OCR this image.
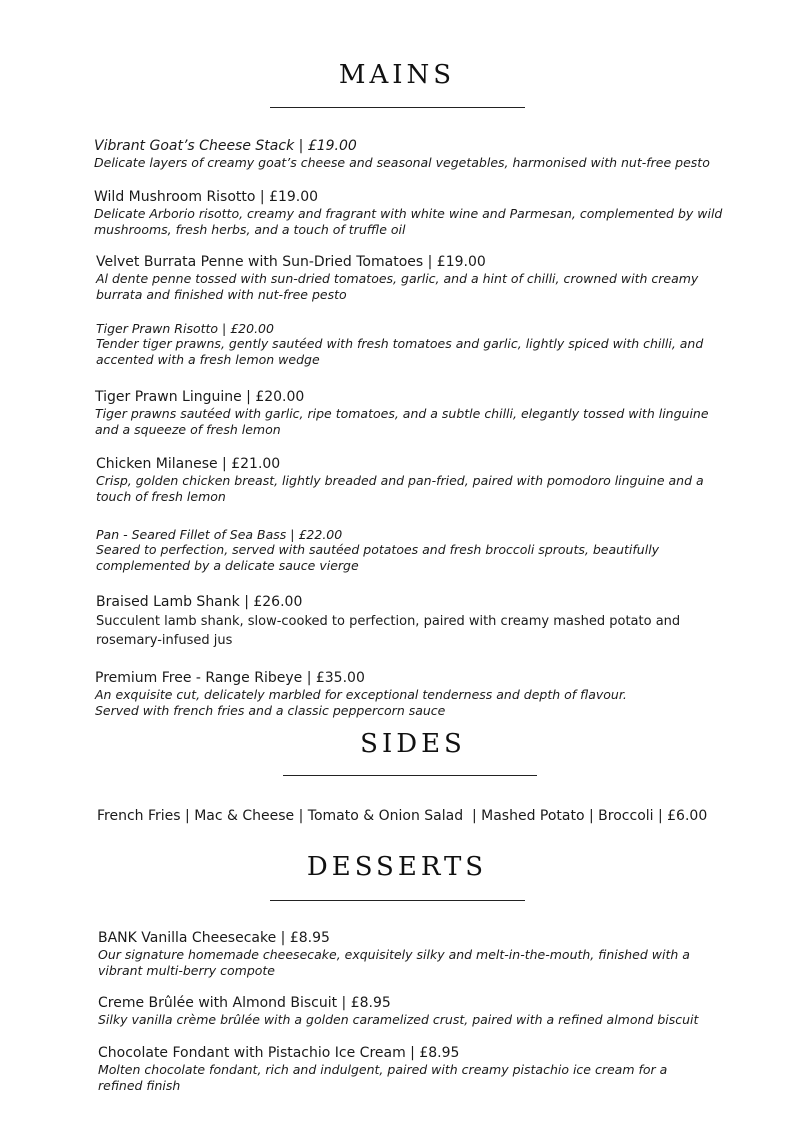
MAINS
Vibrant Goat’s Cheese Stack | £19.00
Delicate layers of creamy goat’s cheese and seasonal vegetables, harmonised with nut-free pesto
Wild Mushroom Risotto | £19.00
Delicate Arborio risotto, creamy and fragrant with white wine and Parmesan, complemented by wild mushrooms, fresh herbs, and a touch of truffle oil
Velvet Burrata Penne with Sun-Dried Tomatoes | £19.00
Al dente penne tossed with sun-dried tomatoes, garlic, and a hint of chilli, crowned with creamy burrata and finished with nut-free pesto
Tiger Prawn Risotto | £20.00
Tender tiger prawns, gently sautéed with fresh tomatoes and garlic, lightly spiced with chilli, and accented with a fresh lemon wedge
Tiger Prawn Linguine | £20.00
Tiger prawns sautéed with garlic, ripe tomatoes, and a subtle chilli, elegantly tossed with linguine and a squeeze of fresh lemon
Chicken Milanese | £21.00
Crisp, golden chicken breast, lightly breaded and pan-fried, paired with pomodoro linguine and a touch of fresh lemon
Pan - Seared Fillet of Sea Bass | £22.00
Seared to perfection, served with sautéed potatoes and fresh broccoli sprouts, beautifully complemented by a delicate sauce vierge
Braised Lamb Shank | £26.00
Succulent lamb shank, slow-cooked to perfection, paired with creamy mashed potato and rosemary-infused jus
Premium Free - Range Ribeye | £35.00
An exquisite cut, delicately marbled for exceptional tenderness and depth of flavour. Served with french fries and a classic peppercorn sauce
SIDES
French Fries | Mac & Cheese | Tomato & Onion Salad  | Mashed Potato | Broccoli | £6.00
DESSERTS
BANK Vanilla Cheesecake | £8.95
Our signature homemade cheesecake, exquisitely silky and melt-in-the-mouth, finished with a vibrant multi-berry compote
Creme Brûlée with Almond Biscuit | £8.95
Silky vanilla crème brûlée with a golden caramelized crust, paired with a refined almond biscuit
Chocolate Fondant with Pistachio Ice Cream | £8.95
Molten chocolate fondant, rich and indulgent, paired with creamy pistachio ice cream for a refined finish
